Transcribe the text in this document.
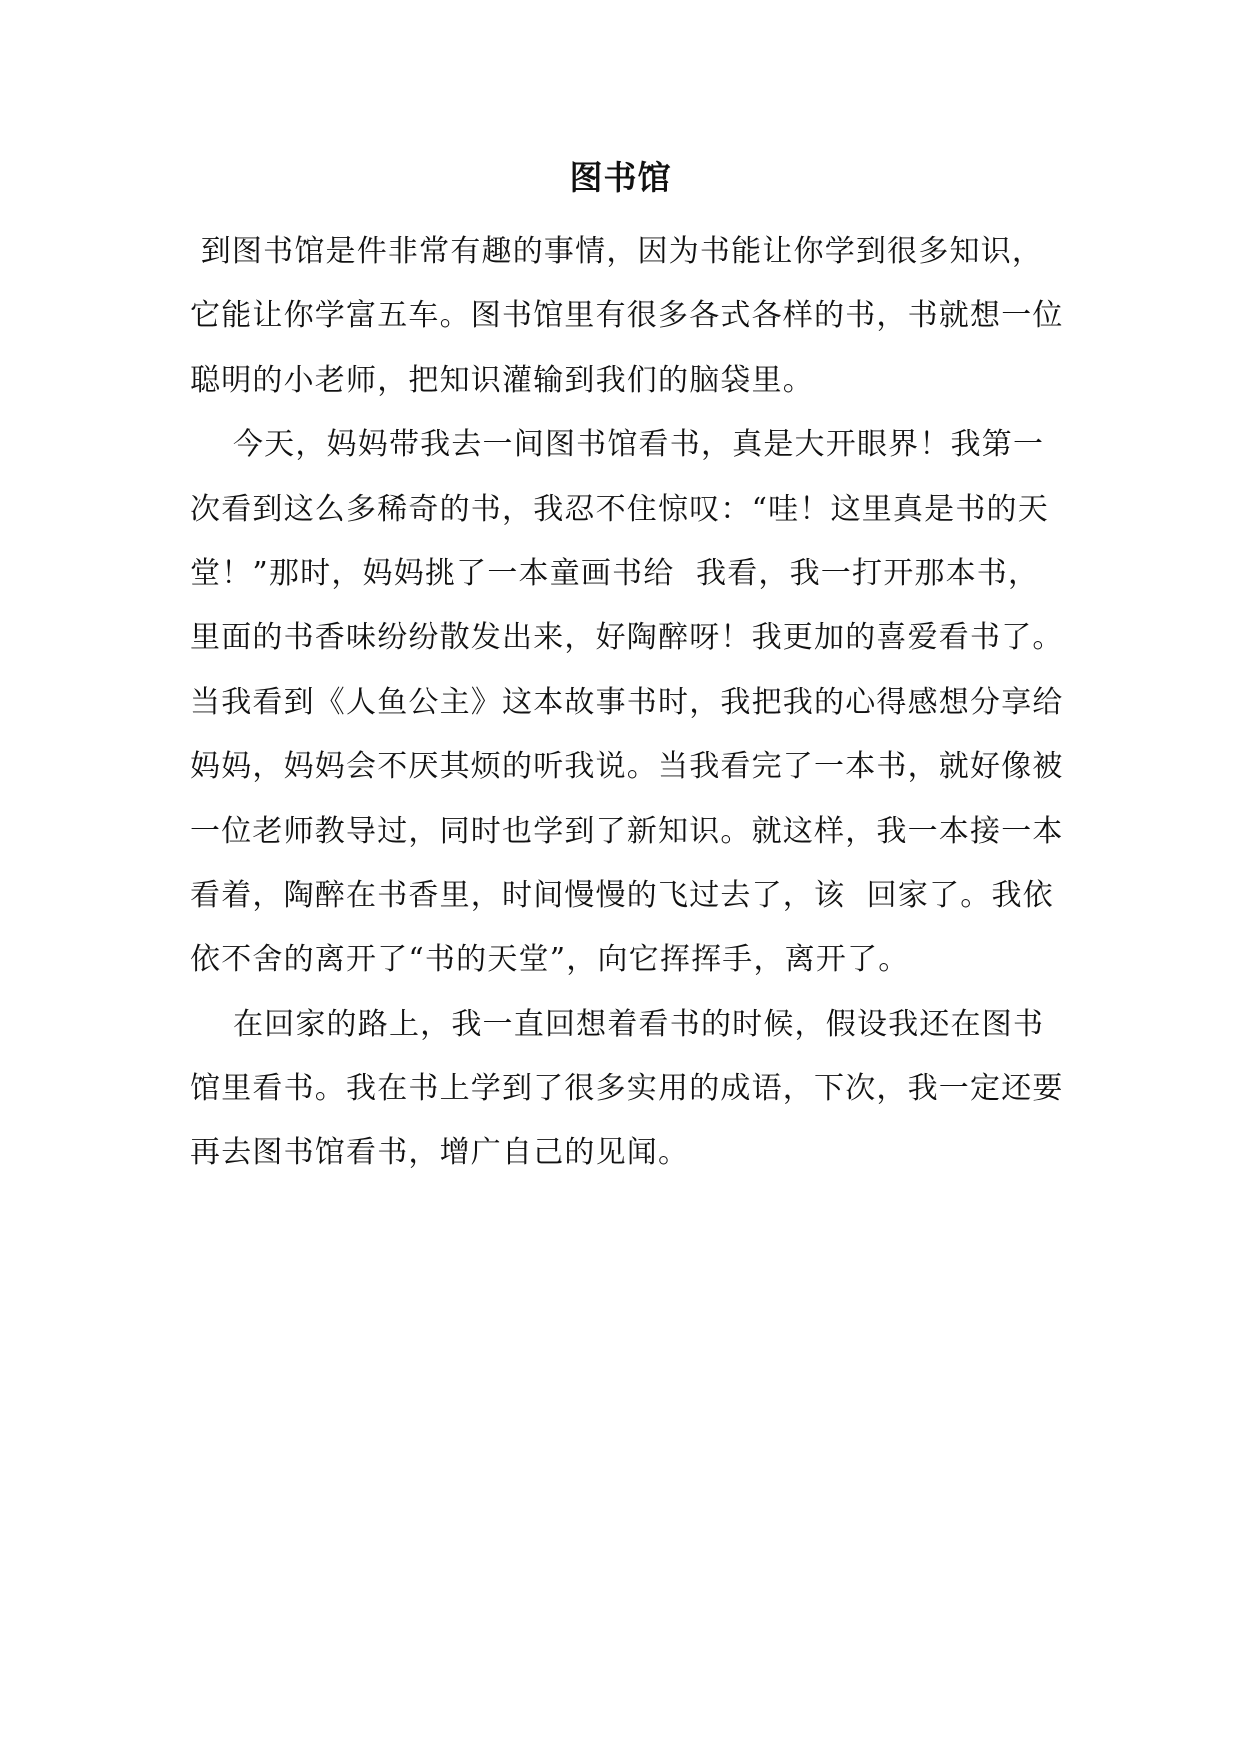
图书馆
到图书馆是件非常有趣的事情，因为书能让你学到很多知识，
它能让你学富五车。图书馆里有很多各式各样的书，书就想一位
聪明的小老师，把知识灌输到我们的脑袋里。
今天，妈妈带我去一间图书馆看书，真是大开眼界！我第一
次看到这么多稀奇的书，我忍不住惊叹：“哇！这里真是书的天
堂！”那时，妈妈挑了一本童画书给  我看，我一打开那本书，
里面的书香味纷纷散发出来，好陶醉呀！我更加的喜爱看书了。
当我看到《人鱼公主》这本故事书时，我把我的心得感想分享给
妈妈，妈妈会不厌其烦的听我说。当我看完了一本书，就好像被
一位老师教导过，同时也学到了新知识。就这样，我一本接一本
看着，陶醉在书香里，时间慢慢的飞过去了，该  回家了。我依
依不舍的离开了“书的天堂”，向它挥挥手，离开了。
在回家的路上，我一直回想着看书的时候，假设我还在图书
馆里看书。我在书上学到了很多实用的成语，下次，我一定还要
再去图书馆看书，增广自己的见闻。
